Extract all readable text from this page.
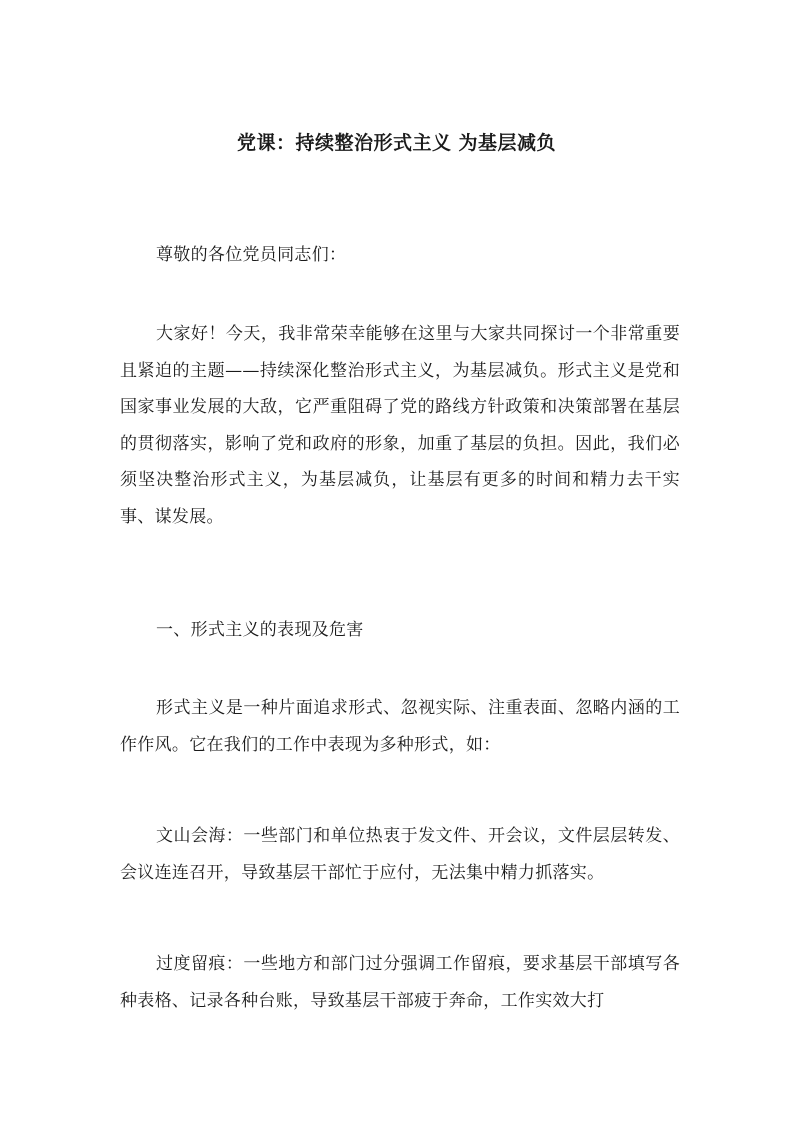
党课：持续整治形式主义 为基层减负

尊敬的各位党员同志们：

大家好！今天，我非常荣幸能够在这里与大家共同探讨一个非常重要且紧迫的主题——持续深化整治形式主义，为基层减负。形式主义是党和国家事业发展的大敌，它严重阻碍了党的路线方针政策和决策部署在基层的贯彻落实，影响了党和政府的形象，加重了基层的负担。因此，我们必须坚决整治形式主义，为基层减负，让基层有更多的时间和精力去干实事、谋发展。

一、形式主义的表现及危害

形式主义是一种片面追求形式、忽视实际、注重表面、忽略内涵的工作作风。它在我们的工作中表现为多种形式，如：

文山会海：一些部门和单位热衷于发文件、开会议，文件层层转发、会议连连召开，导致基层干部忙于应付，无法集中精力抓落实。

过度留痕：一些地方和部门过分强调工作留痕，要求基层干部填写各种表格、记录各种台账，导致基层干部疲于奔命，工作实效大打
